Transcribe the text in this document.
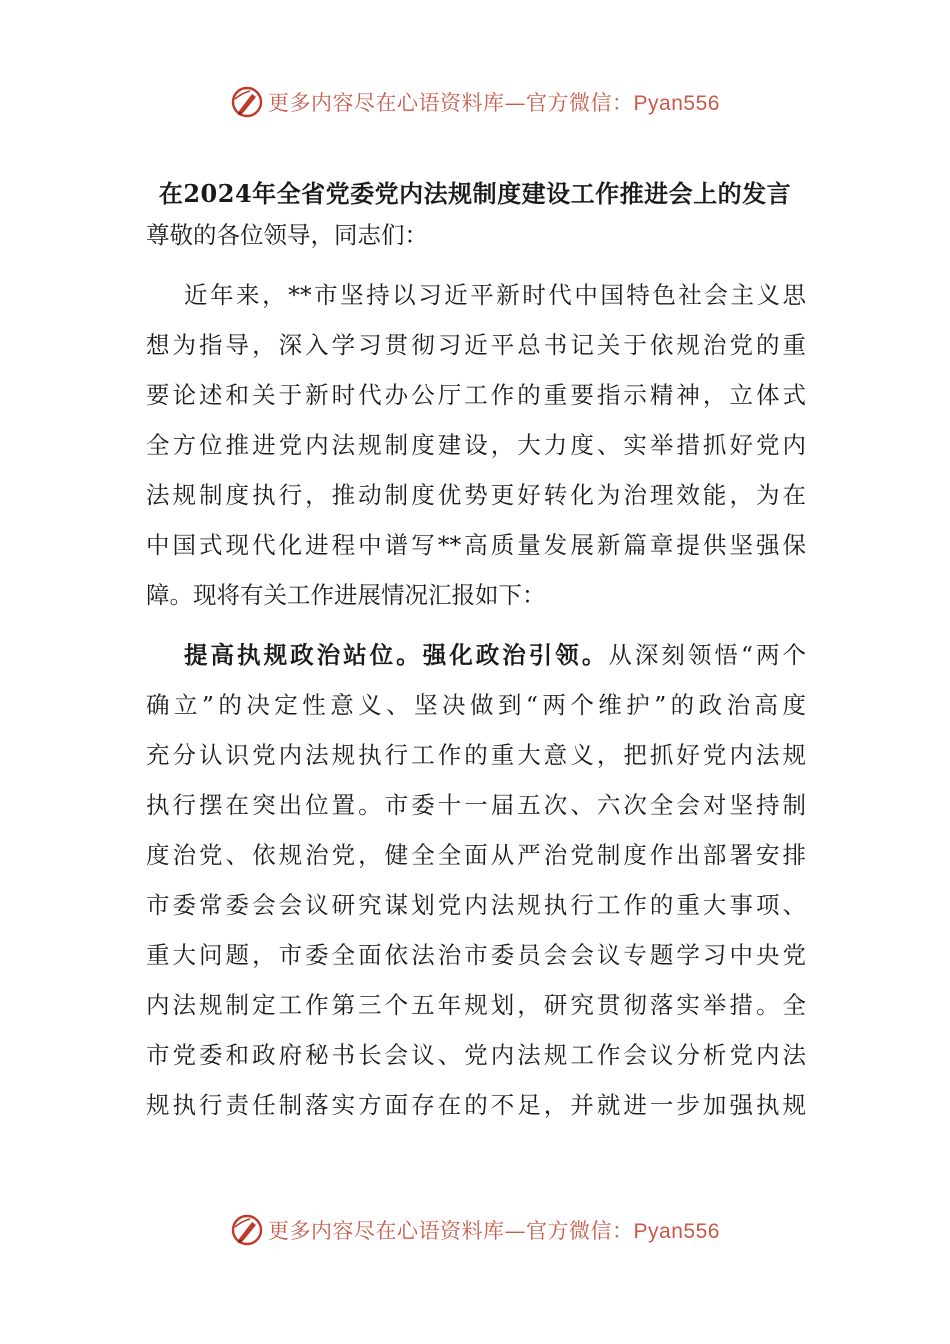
更多内容尽在心语资料库—官方微信：Pyan556
在2024年全省党委党内法规制度建设工作推进会上的发言
尊敬的各位领导，同志们：
近年来，**市坚持以习近平新时代中国特色社会主义思
想为指导，深入学习贯彻习近平总书记关于依规治党的重
要论述和关于新时代办公厅工作的重要指示精神，立体式
全方位推进党内法规制度建设，大力度、实举措抓好党内
法规制度执行，推动制度优势更好转化为治理效能，为在
中国式现代化进程中谱写**高质量发展新篇章提供坚强保
障。现将有关工作进展情况汇报如下：
提高执规政治站位。强化政治引领。从深刻领悟“两个
确立”的决定性意义、坚决做到“两个维护”的政治高度
充分认识党内法规执行工作的重大意义，把抓好党内法规
执行摆在突出位置。市委十一届五次、六次全会对坚持制
度治党、依规治党，健全全面从严治党制度作出部署安排
市委常委会会议研究谋划党内法规执行工作的重大事项、
重大问题，市委全面依法治市委员会会议专题学习中央党
内法规制定工作第三个五年规划，研究贯彻落实举措。全
市党委和政府秘书长会议、党内法规工作会议分析党内法
规执行责任制落实方面存在的不足，并就进一步加强执规
更多内容尽在心语资料库—官方微信：Pyan556
